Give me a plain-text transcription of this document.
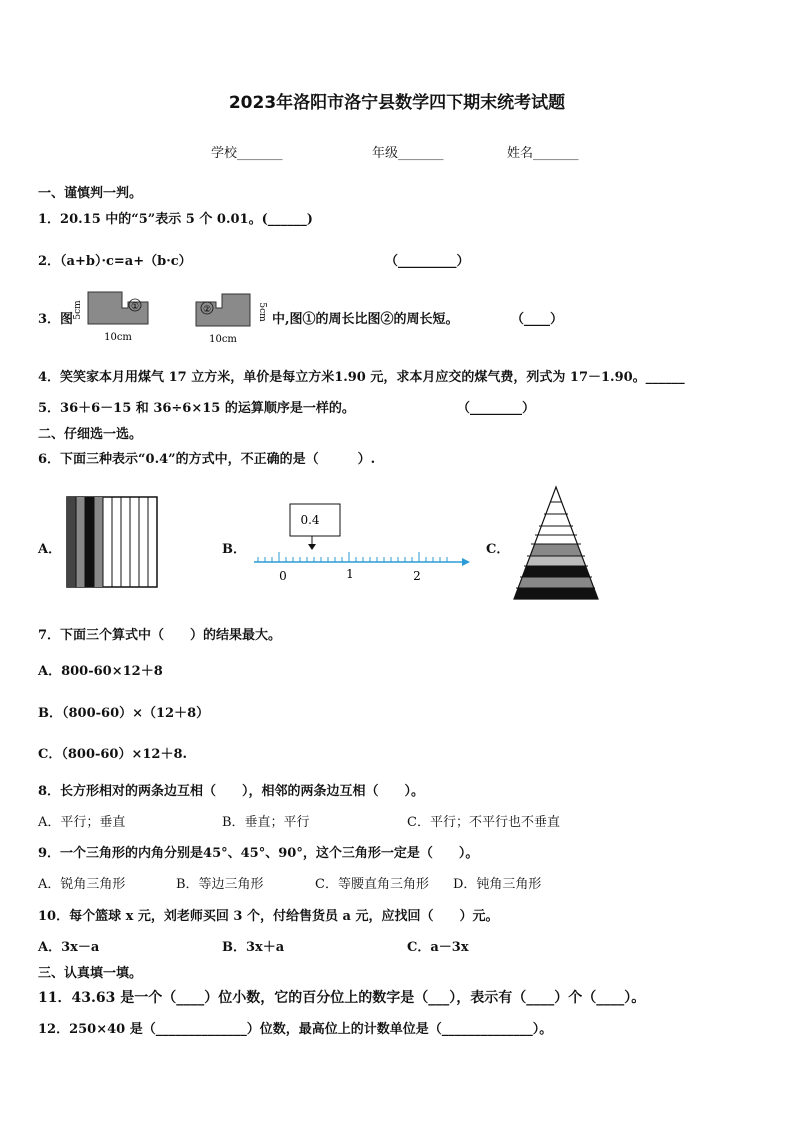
2023年洛阳市洛宁县数学四下期末统考试题
学校_______	年级_______	姓名_______
一、谨慎判一判。
1．20.15 中的“5”表示 5 个 0.01。(______)
2．（a+b）·c=a+（b·c）	（_________）
3．图
①
5cm
10cm
②	5cm
10cm
中,图①的周长比图②的周长短。	（____）
4．笑笑家本月用煤气 17 立方米，单价是每立方米1.90 元，求本月应交的煤气费，列式为 17－1.90。______
5．36＋6－15 和 36÷6×15 的运算顺序是一样的。	（________）
二、仔细选一选。
6．下面三种表示“0.4”的方式中，不正确的是（　　　）.
A．	B．
0.4
0	1	2
C．
7．下面三个算式中（　　）的结果最大。
A．800-60×12＋8
B．（800-60）×（12＋8）
C．（800-60）×12＋8.
8．长方形相对的两条边互相（　　），相邻的两条边互相（　　）。
A．平行；垂直	B．垂直；平行	C．平行；不平行也不垂直
9．一个三角形的内角分别是45°、45°、90°，这个三角形一定是（　　）。
A．锐角三角形	B．等边三角形	C．等腰直角三角形 D．钝角三角形
10．每个篮球 x 元，刘老师买回 3 个，付给售货员 a 元，应找回（　　）元。
A．3x－a	B．3x＋a	C．a－3x
三、认真填一填。
11．43.63 是一个（____）位小数，它的百分位上的数字是（___），表示有（____）个（____）。
12．250×40 是（______________）位数，最高位上的计数单位是（______________）。
